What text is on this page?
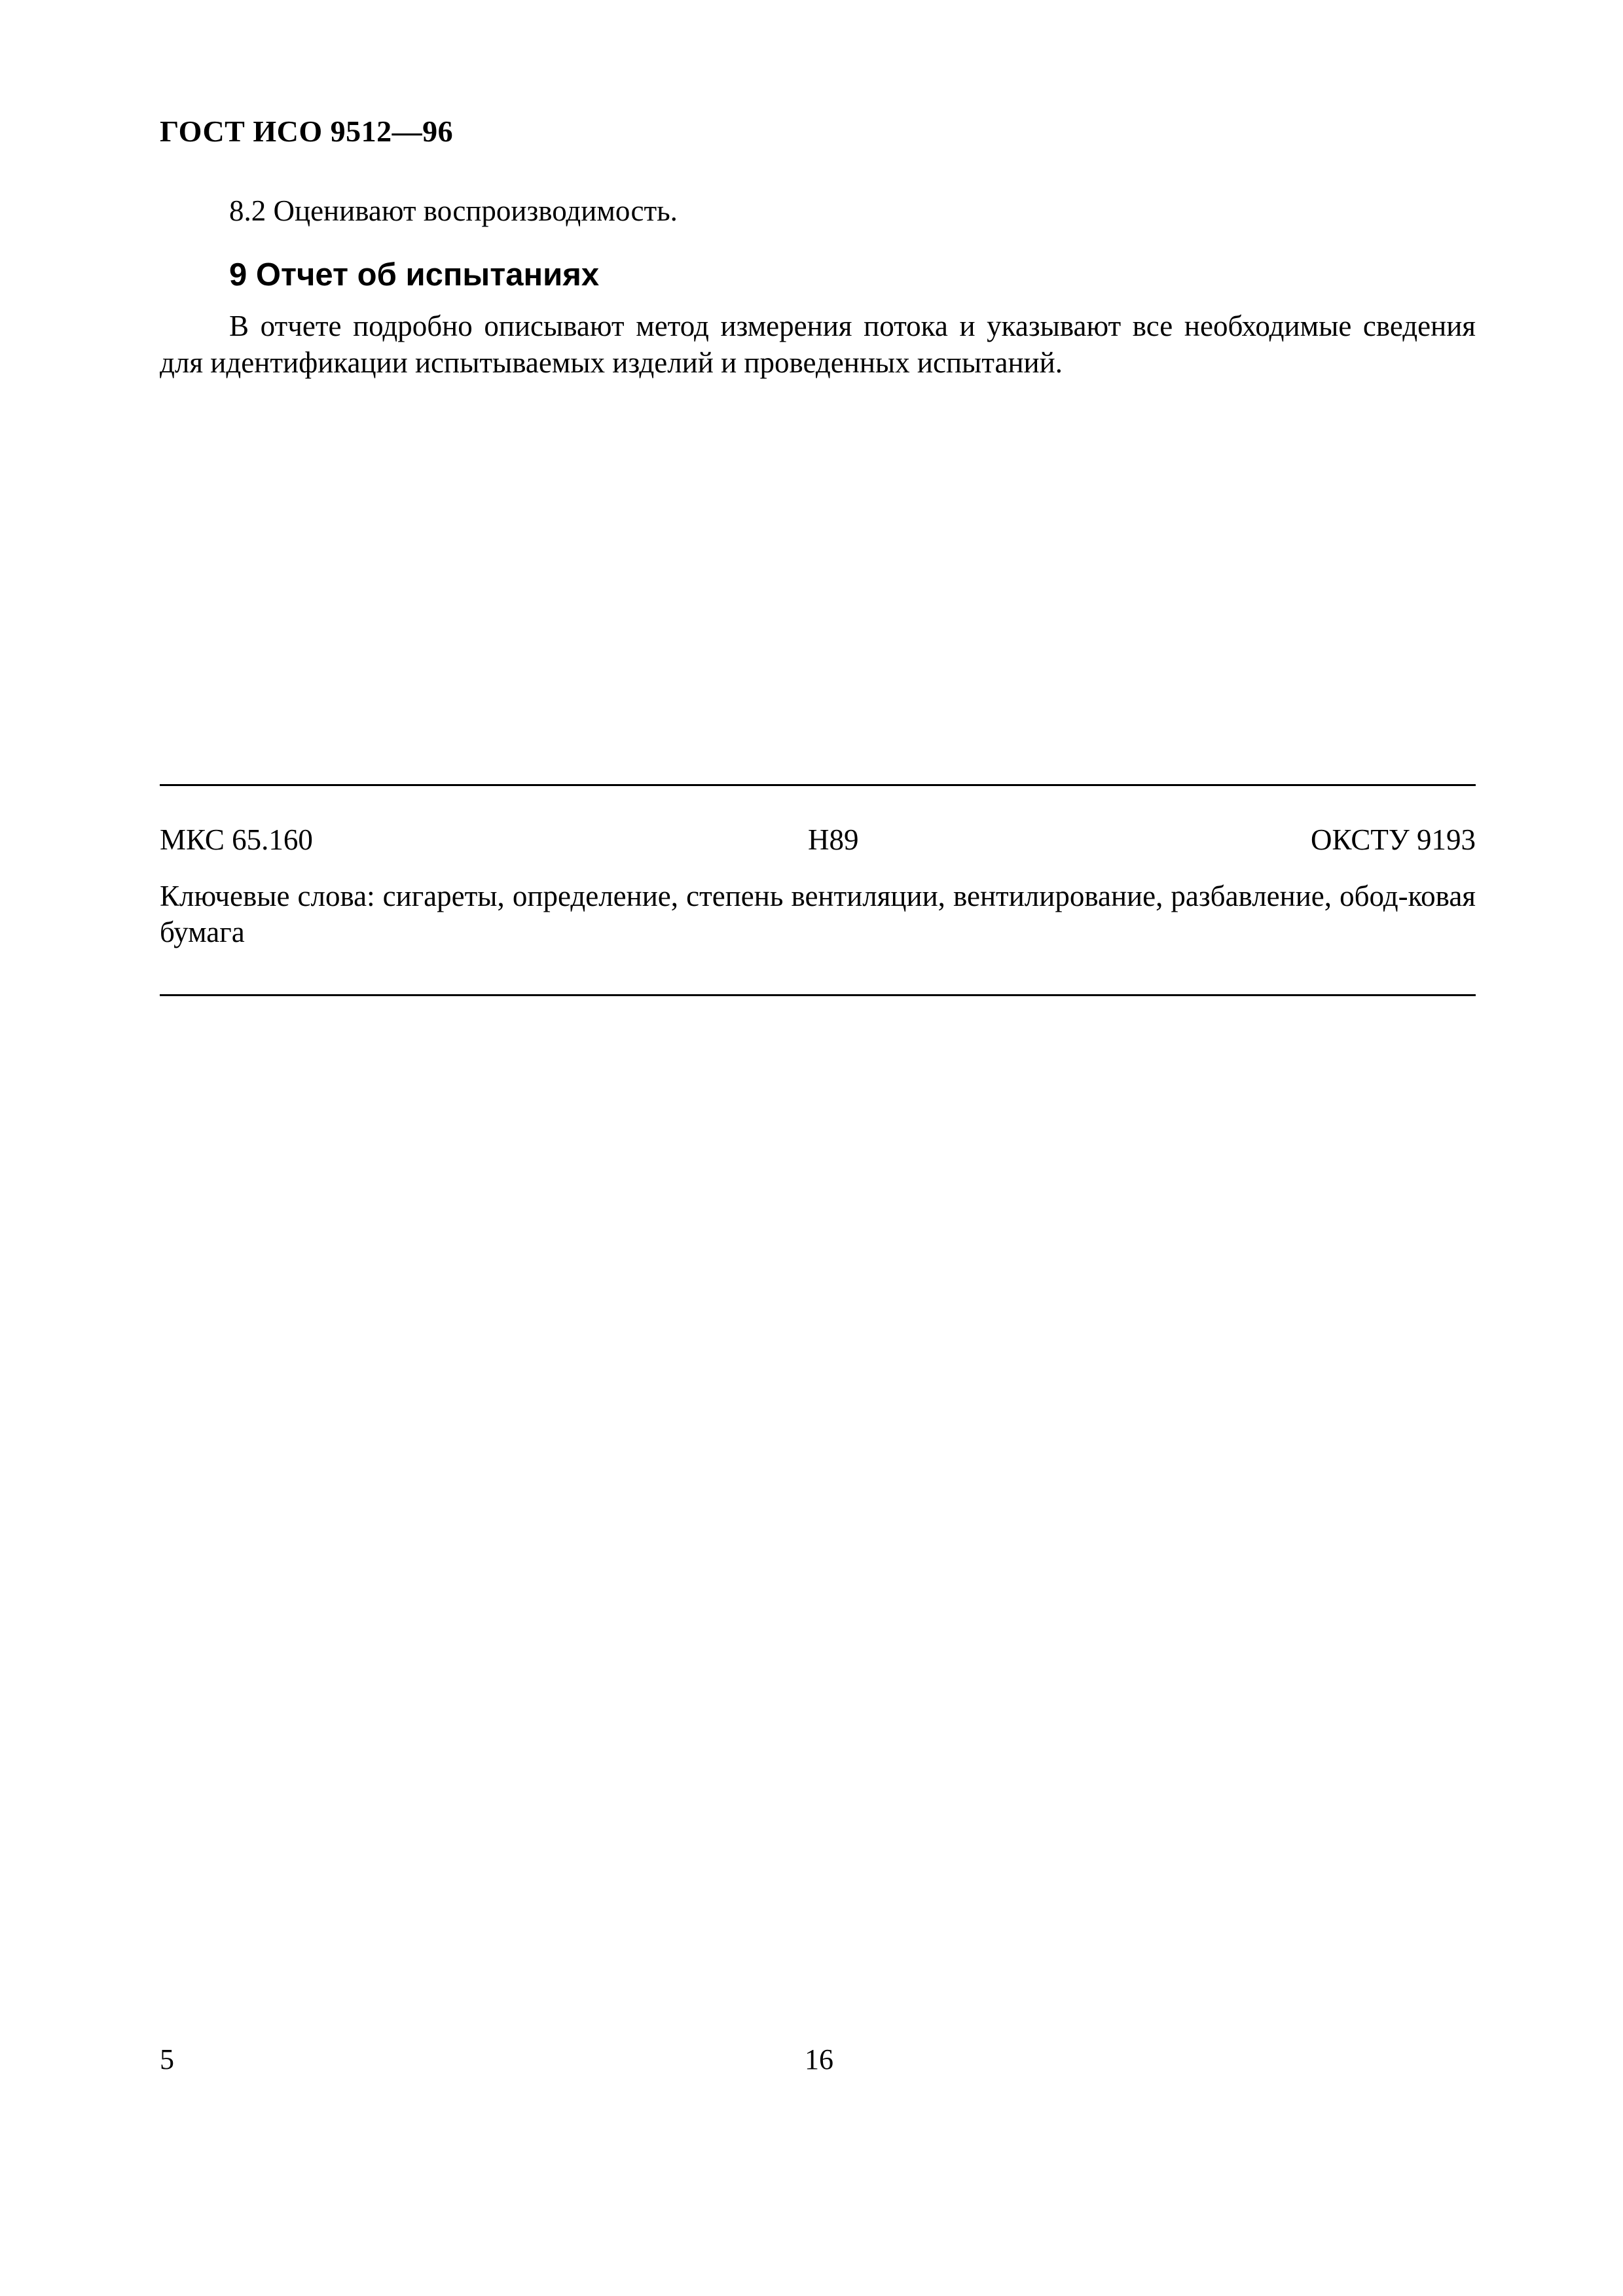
ГОСТ ИСО 9512—96
8.2 Оценивают воспроизводимость.
9 Отчет об испытаниях
В отчете подробно описывают метод измерения потока и указывают все необходимые сведения для идентификации испытываемых изделий и проведенных испытаний.
МКС 65.160	Н89	ОКСТУ 9193
Ключевые слова: сигареты, определение, степень вентиляции, вентилирование, разбавление, обод-ковая бумага
5	16
